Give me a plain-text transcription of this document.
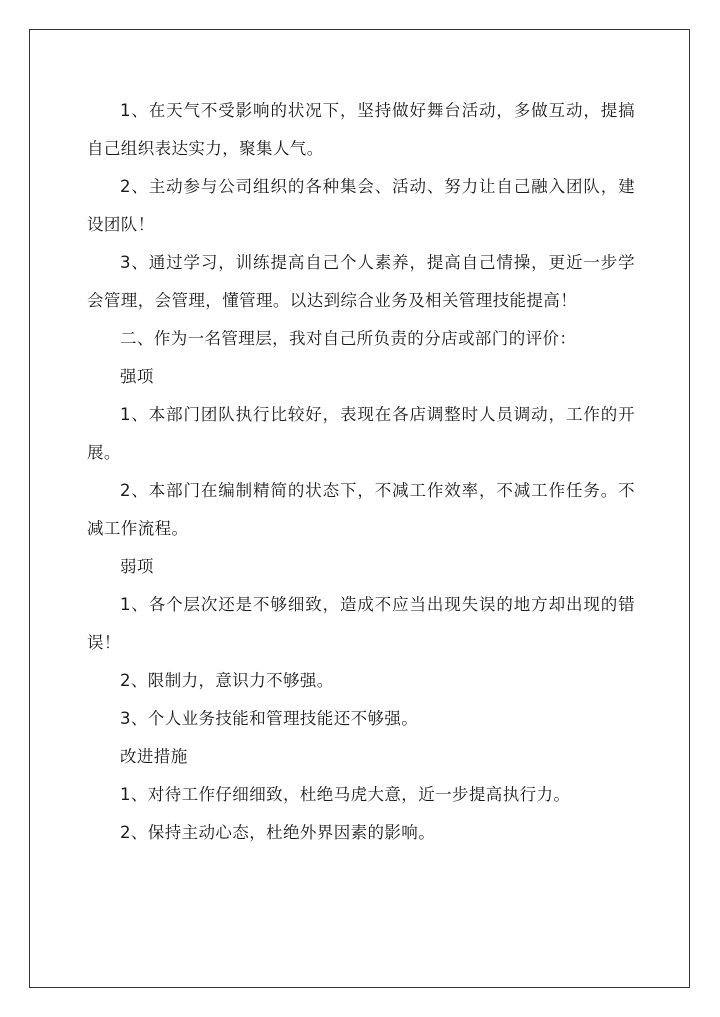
1、在天气不受影响的状况下，坚持做好舞台活动，多做互动，提搞自己组织表达实力，聚集人气。

2、主动参与公司组织的各种集会、活动、努力让自己融入团队，建设团队！

3、通过学习，训练提高自己个人素养，提高自己情操，更近一步学会管理，会管理，懂管理。以达到综合业务及相关管理技能提高！

二、作为一名管理层，我对自己所负责的分店或部门的评价：

强项

1、本部门团队执行比较好，表现在各店调整时人员调动，工作的开展。

2、本部门在编制精简的状态下，不减工作效率，不减工作任务。不减工作流程。

弱项

1、各个层次还是不够细致，造成不应当出现失误的地方却出现的错误！

2、限制力，意识力不够强。

3、个人业务技能和管理技能还不够强。

改进措施

1、对待工作仔细细致，杜绝马虎大意，近一步提高执行力。

2、保持主动心态，杜绝外界因素的影响。
